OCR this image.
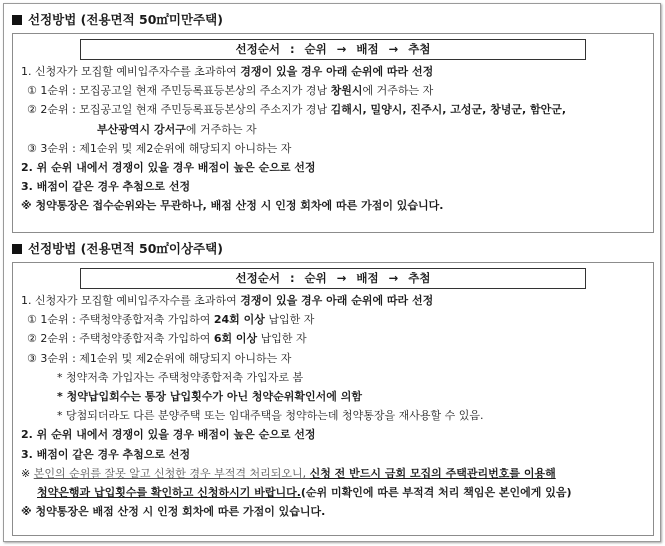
선정방법 (전용면적 50㎡미만주택)
선정순서 : 순위 → 배점 → 추첨
1. 신청자가 모집할 예비입주자수를 초과하여 경쟁이 있을 경우 아래 순위에 따라 선정
① 1순위 : 모집공고일 현재 주민등록표등본상의 주소지가 경남 창원시에 거주하는 자
② 2순위 : 모집공고일 현재 주민등록표등본상의 주소지가 경남 김해시, 밀양시, 진주시, 고성군, 창녕군, 함안군,
부산광역시 강서구에 거주하는 자
③ 3순위 : 제1순위 및 제2순위에 해당되지 아니하는 자
2. 위 순위 내에서 경쟁이 있을 경우 배점이 높은 순으로 선정
3. 배점이 같은 경우 추첨으로 선정
※ 청약통장은 접수순위와는 무관하나, 배점 산정 시 인정 회차에 따른 가점이 있습니다.
선정방법 (전용면적 50㎡이상주택)
선정순서 : 순위 → 배점 → 추첨
1. 신청자가 모집할 예비입주자수를 초과하여 경쟁이 있을 경우 아래 순위에 따라 선정
① 1순위 : 주택청약종합저축 가입하여 24회 이상 납입한 자
② 2순위 : 주택청약종합저축 가입하여 6회 이상 납입한 자
③ 3순위 : 제1순위 및 제2순위에 해당되지 아니하는 자
* 청약저축 가입자는 주택청약종합저축 가입자로 봄
* 청약납입회수는 통장 납입횟수가 아닌 청약순위확인서에 의함
* 당첨되더라도 다른 분양주택 또는 임대주택을 청약하는데 청약통장을 재사용할 수 있음.
2. 위 순위 내에서 경쟁이 있을 경우 배점이 높은 순으로 선정
3. 배점이 같은 경우 추첨으로 선정
※ 본인의 순위를 잘못 알고 신청한 경우 부적격 처리되오니, 신청 전 반드시 금회 모집의 주택관리번호를 이용해
청약은행과 납입횟수를 확인하고 신청하시기 바랍니다.(순위 미확인에 따른 부적격 처리 책임은 본인에게 있음)
※ 청약통장은 배점 산정 시 인정 회차에 따른 가점이 있습니다.
